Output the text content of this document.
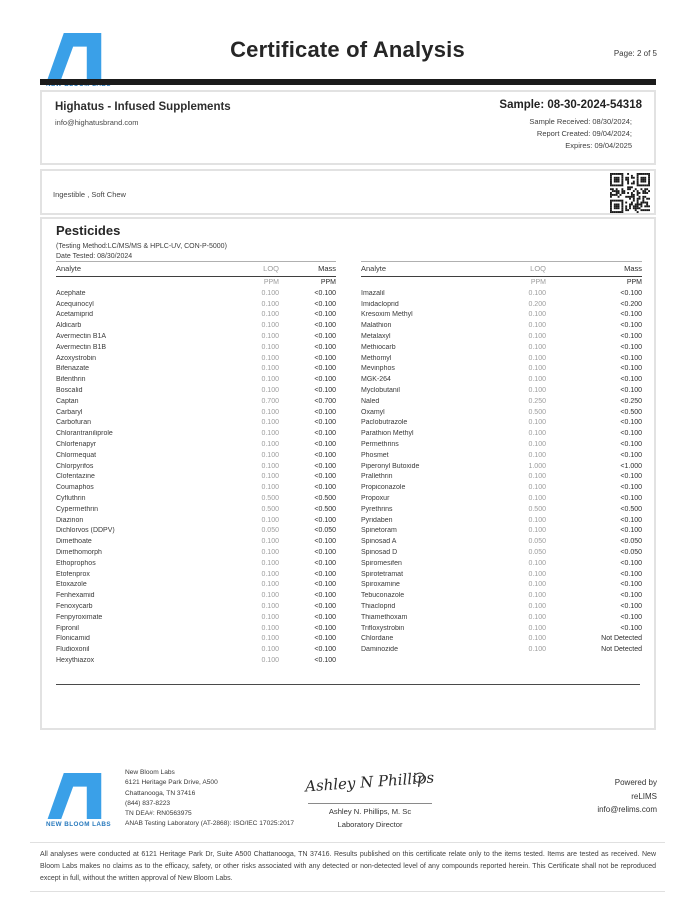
Certificate of Analysis	Page: 2 of 5
Highatus - Infused Supplements
info@highatusbrand.com
Sample: 08-30-2024-54318
Sample Received: 08/30/2024;
Report Created: 09/04/2024;
Expires: 09/04/2025
Ingestible , Soft Chew
Pesticides
(Testing Method:LC/MS/MS & HPLC-UV, CON-P-5000)
Date Tested: 08/30/2024
Analyte	LOQ	Mass
PPM	PPM
Acephate	0.100	<0.100
Acequinocyl	0.100	<0.100
Acetamiprid	0.100	<0.100
Aldicarb	0.100	<0.100
Avermectin B1A	0.100	<0.100
Avermectin B1B	0.100	<0.100
Azoxystrobin	0.100	<0.100
Bifenazate	0.100	<0.100
Bifenthrin	0.100	<0.100
Boscalid	0.100	<0.100
Captan	0.700	<0.700
Carbaryl	0.100	<0.100
Carbofuran	0.100	<0.100
Chlorantraniliprole	0.100	<0.100
Chlorfenapyr	0.100	<0.100
Chlormequat	0.100	<0.100
Chlorpyrifos	0.100	<0.100
Clofentazine	0.100	<0.100
Coumaphos	0.100	<0.100
Cyfluthrin	0.500	<0.500
Cypermethrin	0.500	<0.500
Diazinon	0.100	<0.100
Dichlorvos (DDPV)	0.050	<0.050
Dimethoate	0.100	<0.100
Dimethomorph	0.100	<0.100
Ethoprophos	0.100	<0.100
Etofenprox	0.100	<0.100
Etoxazole	0.100	<0.100
Fenhexamid	0.100	<0.100
Fenoxycarb	0.100	<0.100
Fenpyroximate	0.100	<0.100
Fipronil	0.100	<0.100
Flonicamid	0.100	<0.100
Fludioxonil	0.100	<0.100
Hexythiazox	0.100	<0.100
Analyte	LOQ	Mass
PPM	PPM
Imazalil	0.100	<0.100
Imidacloprid	0.200	<0.200
Kresoxim Methyl	0.100	<0.100
Malathion	0.100	<0.100
Metalaxyl	0.100	<0.100
Methiocarb	0.100	<0.100
Methomyl	0.100	<0.100
Mevinphos	0.100	<0.100
MGK-264	0.100	<0.100
Myclobutanil	0.100	<0.100
Naled	0.250	<0.250
Oxamyl	0.500	<0.500
Paclobutrazole	0.100	<0.100
Parathion Methyl	0.100	<0.100
Permethrins	0.100	<0.100
Phosmet	0.100	<0.100
Piperonyl Butoxide	1.000	<1.000
Prallethrin	0.100	<0.100
Propiconazole	0.100	<0.100
Propoxur	0.100	<0.100
Pyrethrins	0.500	<0.500
Pyridaben	0.100	<0.100
Spinetoram	0.100	<0.100
Spinosad A	0.050	<0.050
Spinosad D	0.050	<0.050
Spiromesifen	0.100	<0.100
Spirotetramat	0.100	<0.100
Spiroxamine	0.100	<0.100
Tebuconazole	0.100	<0.100
Thiacloprid	0.100	<0.100
Thiamethoxam	0.100	<0.100
Trifloxystrobin	0.100	<0.100
Chlordane	0.100	Not Detected
Daminozide	0.100	Not Detected
NEW BLOOM LABS
New Bloom Labs
6121 Heritage Park Drive, A500
Chattanooga, TN 37416
(844) 837-8223
TN DEA#: RN0563975
ANAB Testing Laboratory (AT-2868): ISO/IEC 17025:2017
Ashley N Phillips
Ashley N. Phillips, M. Sc
Laboratory Director
Powered by
reLIMS
info@relims.com
All analyses were conducted at 6121 Heritage Park Dr, Suite A500 Chattanooga, TN 37416. Results published on this certificate relate only to the items tested. Items are tested as received. New Bloom Labs makes no claims as to the efficacy, safety, or other risks associated with any detected or non-detected level of any compounds reported herein. This Certificate shall not be reproduced except in full, without the written approval of New Bloom Labs.
